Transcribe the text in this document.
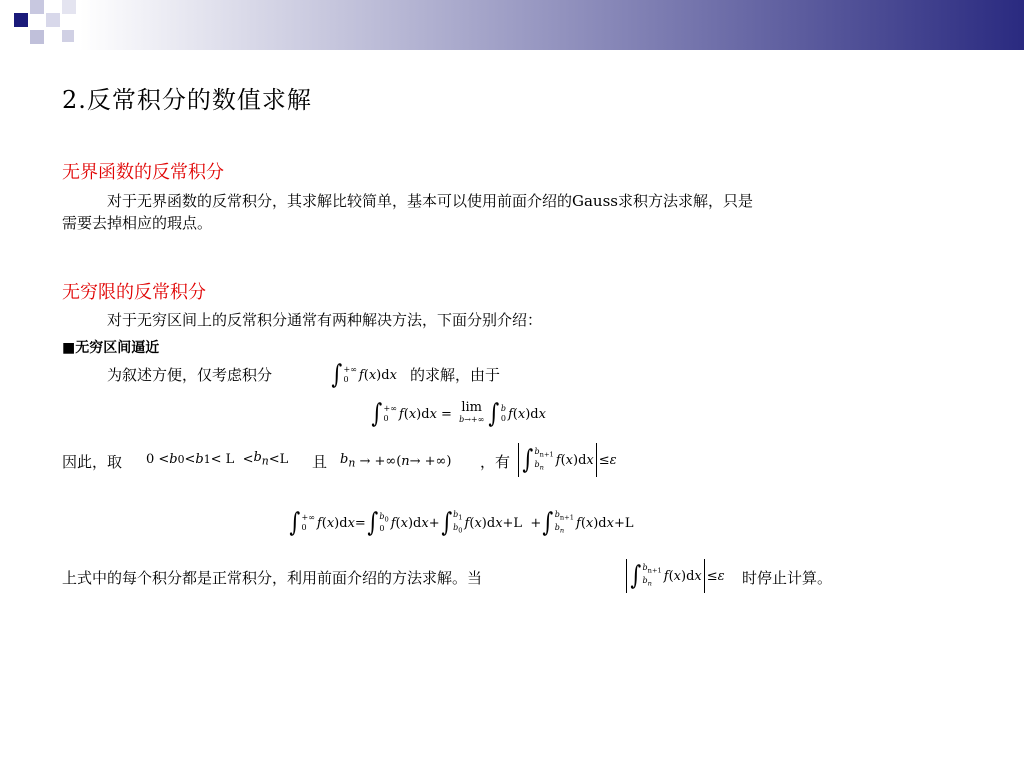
2.反常积分的数值求解
无界函数的反常积分
对于无界函数的反常积分，其求解比较简单，基本可以使用前面介绍的Gauss求积方法求解，只是
需要去掉相应的瑕点。
无穷限的反常积分
对于无穷区间上的反常积分通常有两种解决方法，下面分别介绍：
■无穷区间逼近
为叙述方便，仅考虑积分 ∫ +∞
0 f ( x )d x 的求解，由于
∫ +∞
0 f ( x )d x = lim
b→+∞ ∫ b
0 f ( x )d x
因此，取 0 < b 0 < b $1 < L < b_n <L$ 且 $b_n$ → +∞( n → +∞) ，有 ∫ $b_{n+1}$
$b_n$
f ( x )d x ≤ ε
∫ +∞
0 f ( x )d x = ∫ $b_0$
0 f ( x )d x + ∫ $b_1$
$b_0$
f ( x )d x +L  + ∫ $b_{n+1}$
$b_n$
f ( x )d x +L
上式中的每个积分都是正常积分，利用前面介绍的方法求解。当	∫ $b_{n+1}$
$b_n$
f ( x )d x ≤ ε 时停止计算。
